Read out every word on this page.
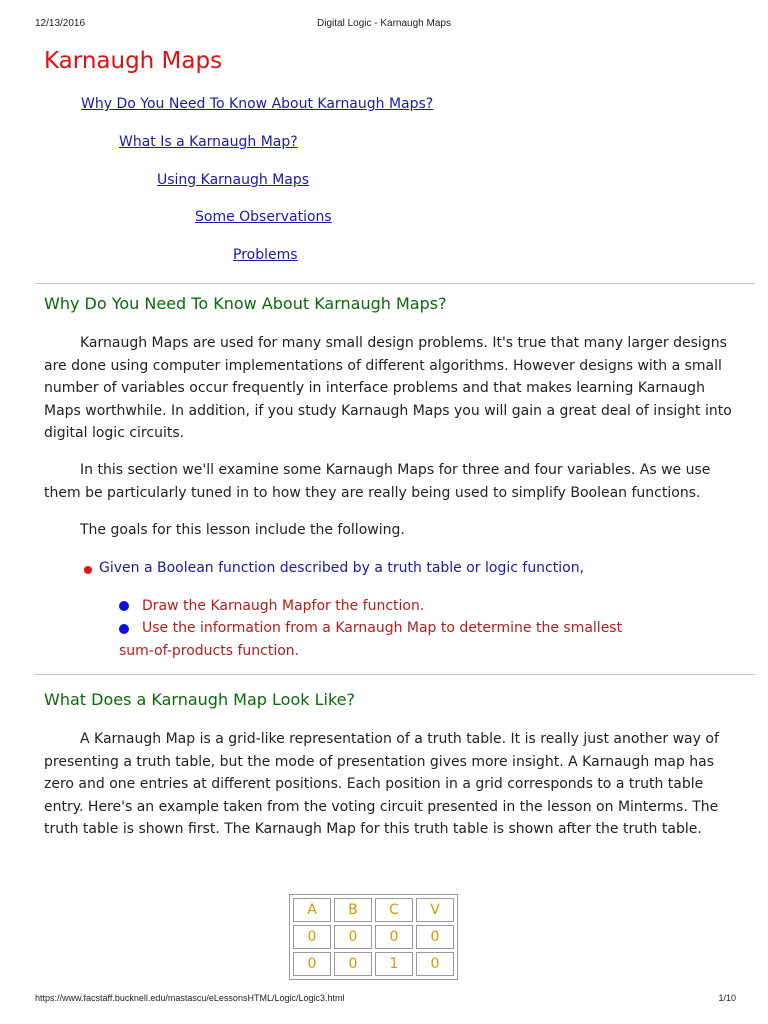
12/13/2016	Digital Logic - Karnaugh Maps
Karnaugh Maps
Why Do You Need To Know About Karnaugh Maps?
What Is a Karnaugh Map?
Using Karnaugh Maps
Some Observations
Problems
Why Do You Need To Know About Karnaugh Maps?

Karnaugh Maps are used for many small design problems. It's true that many larger designs are done using computer implementations of different algorithms. However designs with a small number of variables occur frequently in interface problems and that makes learning Karnaugh Maps worthwhile. In addition, if you study Karnaugh Maps you will gain a great deal of insight into digital logic circuits.

In this section we'll examine some Karnaugh Maps for three and four variables. As we use them be particularly tuned in to how they are really being used to simplify Boolean functions.

The goals for this lesson include the following.

Given a Boolean function described by a truth table or logic function,
Draw the Karnaugh Mapfor the function.
Use the information from a Karnaugh Map to determine the smallest
sum-of-products function.
What Does a Karnaugh Map Look Like?

A Karnaugh Map is a grid-like representation of a truth table. It is really just another way of presenting a truth table, but the mode of presentation gives more insight. A Karnaugh map has zero and one entries at different positions. Each position in a grid corresponds to a truth table entry. Here's an example taken from the voting circuit presented in the lesson on Minterms. The truth table is shown first. The Karnaugh Map for this truth table is shown after the truth table.

A	B	C	V
0	0	0	0
0	0	1	0
https://www.facstaff.bucknell.edu/mastascu/eLessonsHTML/Logic/Logic3.html	1/10
